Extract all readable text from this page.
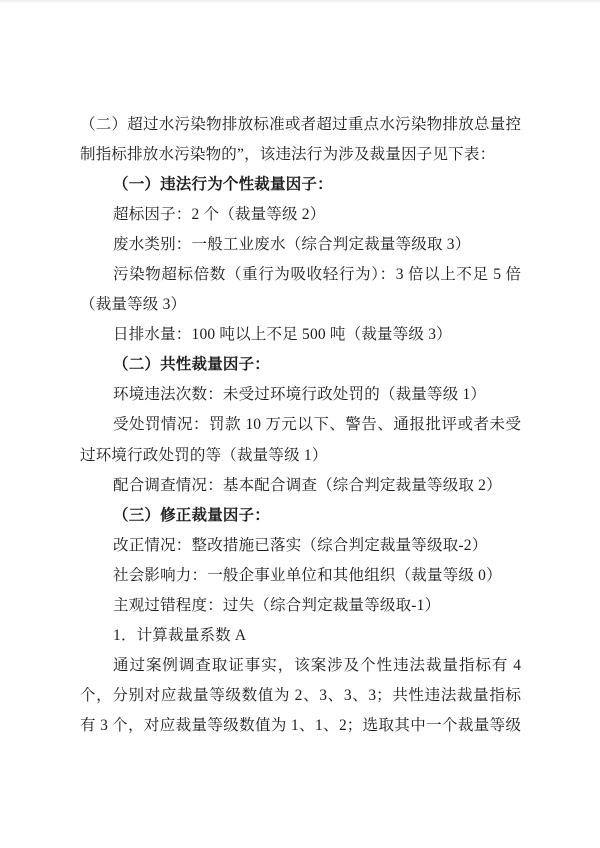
（二）超过水污染物排放标准或者超过重点水污染物排放总量控
制指标排放水污染物的”，该违法行为涉及裁量因子见下表：
（一）违法行为个性裁量因子：
超标因子：2 个（裁量等级 2）
废水类别：一般工业废水（综合判定裁量等级取 3）
污染物超标倍数（重行为吸收轻行为）：3 倍以上不足 5 倍
（裁量等级 3）
日排水量：100 吨以上不足 500 吨（裁量等级 3）
（二）共性裁量因子：
环境违法次数：未受过环境行政处罚的（裁量等级 1）
受处罚情况：罚款 10 万元以下、警告、通报批评或者未受
过环境行政处罚的等（裁量等级 1）
配合调查情况：基本配合调查（综合判定裁量等级取 2）
（三）修正裁量因子：
改正情况：整改措施已落实（综合判定裁量等级取-2）
社会影响力：一般企事业单位和其他组织（裁量等级 0）
主观过错程度：过失（综合判定裁量等级取-1）
1．计算裁量系数 A
通过案例调查取证事实，该案涉及个性违法裁量指标有 4
个，分别对应裁量等级数值为 2、3、3、3；共性违法裁量指标
有 3 个，对应裁量等级数值为 1、1、2；选取其中一个裁量等级
